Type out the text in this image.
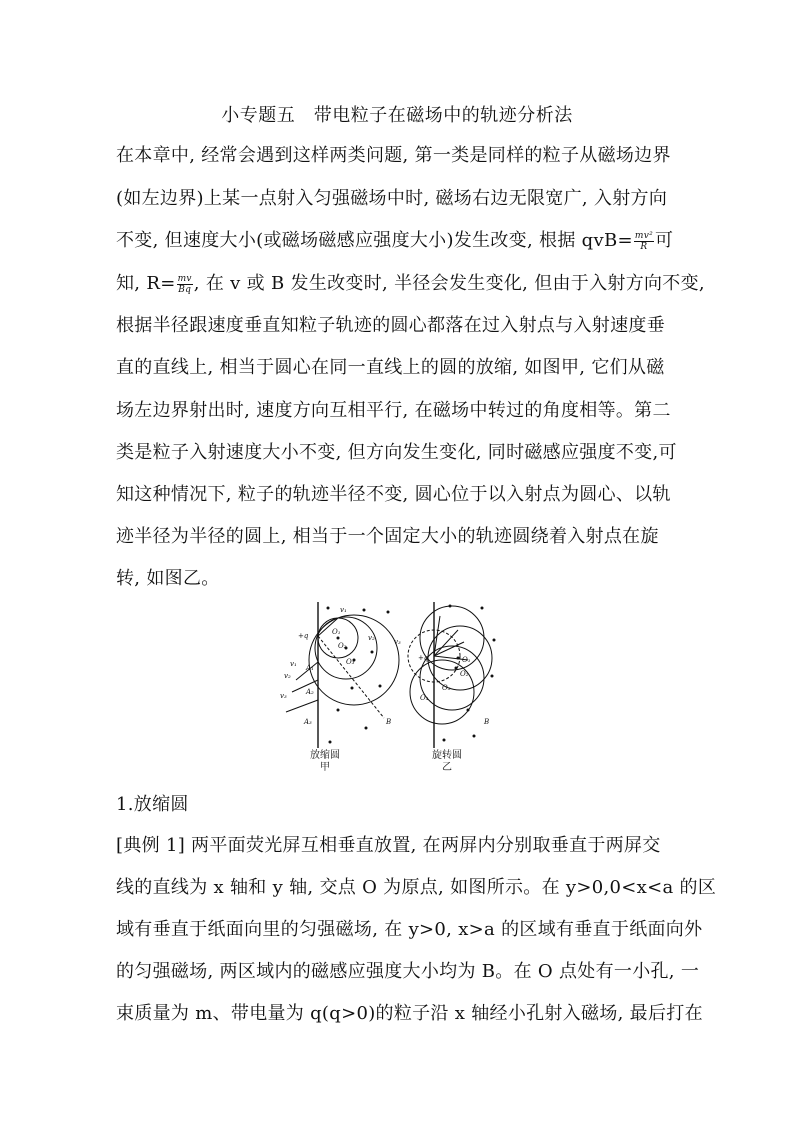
小专题五　带电粒子在磁场中的轨迹分析法
在本章中, 经常会遇到这样两类问题, 第一类是同样的粒子从磁场边界
(如左边界)上某一点射入匀强磁场中时, 磁场右边无限宽广, 入射方向
不变, 但速度大小(或磁场磁感应强度大小)发生改变, 根据 $qvB= \frac{\text{mv²}}{R}$ 可
知, $R= \frac{mv}{Bq}$ , 在 v 或 B 发生改变时, 半径会发生变化, 但由于入射方向不变,
根据半径跟速度垂直知粒子轨迹的圆心都落在过入射点与入射速度垂
直的直线上, 相当于圆心在同一直线上的圆的放缩, 如图甲, 它们从磁
场左边界射出时, 速度方向互相平行, 在磁场中转过的角度相等。第二
类是粒子入射速度大小不变, 但方向发生变化, 同时磁感应强度不变,可
知这种情况下, 粒子的轨迹半径不变, 圆心位于以入射点为圆心、以轨
迹半径为半径的圆上, 相当于一个固定大小的轨迹圆绕着入射点在旋
转, 如图乙。
+q
v₁
v₂	v₃
v₁
v₂
v₃
O₁
O₂
O₃
A₁
A₂
A₃	B
+q	O₁
O₂
O₃
O₄
B
放缩圆
甲
旋转圆
乙
1.放缩圆
[典例 1] 两平面荧光屏互相垂直放置, 在两屏内分别取垂直于两屏交
线的直线为 x 轴和 y 轴, 交点 O 为原点, 如图所示。在 y>0,0<x<a 的区
域有垂直于纸面向里的匀强磁场, 在 y>0, x>a 的区域有垂直于纸面向外
的匀强磁场, 两区域内的磁感应强度大小均为 B。在 O 点处有一小孔, 一
束质量为 m、带电量为 q(q>0)的粒子沿 x 轴经小孔射入磁场, 最后打在
